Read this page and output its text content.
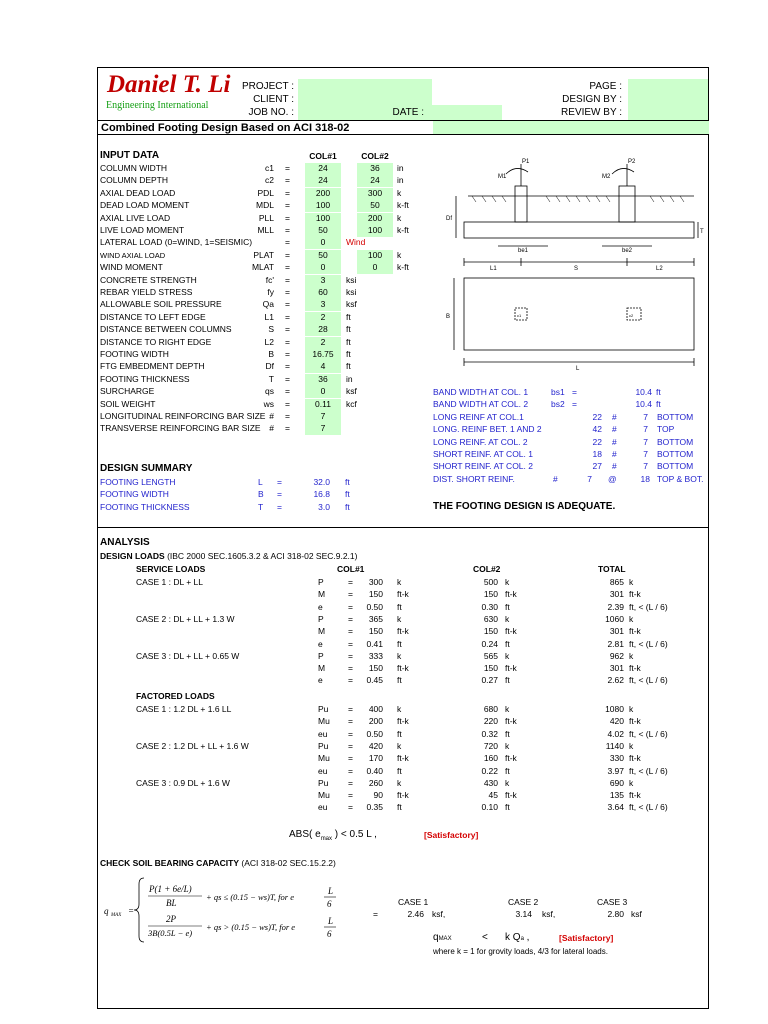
Daniel T. Li
Engineering International
PROJECT :
CLIENT :
JOB NO. :	DATE :
PAGE :
DESIGN BY :
REVIEW BY :
Combined Footing Design Based on ACI 318-02
INPUT DATA	COL#1	COL#2
COLUMN WIDTH	c1 =	24	36	in
COLUMN DEPTH	c2 =	24	24	in
AXIAL DEAD LOAD	PDL =	200	300	k
DEAD LOAD MOMENT	MDL =	100	50	k-ft
AXIAL LIVE LOAD	PLL =	100	200	k
LIVE LOAD MOMENT	MLL =	50	100	k-ft
LATERAL LOAD (0=WIND, 1=SEISMIC)	=	0	Wind
WIND AXIAL LOAD	PLAT =	50	100	k
WIND MOMENT	MLAT =	0	0	k-ft
CONCRETE STRENGTH	fc' =	3	ksi
REBAR YIELD STRESS	fy =	60	ksi
ALLOWABLE SOIL PRESSURE	Qa =	3	ksf
DISTANCE TO LEFT EDGE	L1 =	2	ft
DISTANCE BETWEEN COLUMNS	S =	28	ft
DISTANCE TO RIGHT EDGE	L2 =	2	ft
FOOTING WIDTH	B =	16.75	ft
FTG EMBEDMENT DEPTH	Df =	4	ft
FOOTING THICKNESS	T =	36	in
SURCHARGE	qs =	0	ksf
SOIL WEIGHT	ws =	0.11	kcf
LONGITUDINAL REINFORCING BAR SIZE # =	7
TRANSVERSE REINFORCING BAR SIZE	# =	7
P1	P2
M1	M2
Df
T
be1	be2
L1	S	L2
B
L
c1	c2
BAND WIDTH AT COL. 1	bs1 =	10.4 ft
BAND WIDTH AT COL. 2	bs2 =	10.4 ft
LONG REINF AT COL.1	22 #	7 BOTTOM
LONG. REINF BET. 1 AND 2	42 #	7 TOP
LONG REINF. AT COL. 2	22 #	7 BOTTOM
SHORT REINF. AT COL. 1	18 #	7 BOTTOM
SHORT REINF. AT COL. 2	27 #	7 BOTTOM
DIST. SHORT REINF.	#	7 @	18 TOP & BOT.
DESIGN SUMMARY
FOOTING LENGTH	L =	32.0 ft
FOOTING WIDTH	B =	16.8 ft
FOOTING THICKNESS	T =	3.0 ft	THE FOOTING DESIGN IS ADEQUATE.
ANALYSIS
DESIGN LOADS (IBC 2000 SEC.1605.3.2 & ACI 318-02 SEC.9.2.1)
SERVICE LOADS	COL#1	COL#2	TOTAL
CASE 1 : DL + LL	P	=	300 k	500 k	865 k
M	=	150 ft-k	150 ft-k	301 ft-k
e	=	0.50 ft	0.30 ft	2.39 ft, < (L / 6)
CASE 2 : DL + LL + 1.3 W	P	=	365 k	630 k	1060 k
M	=	150 ft-k	150 ft-k	301 ft-k
e	=	0.41 ft	0.24 ft	2.81 ft, < (L / 6)
CASE 3 : DL + LL + 0.65 W	P	=	333 k	565 k	962 k
M	=	150 ft-k	150 ft-k	301 ft-k
e	=	0.45 ft	0.27 ft	2.62 ft, < (L / 6)
FACTORED LOADS
CASE 1 : 1.2 DL + 1.6 LL	Pu =	400 k	680 k	1080 k
Mu =	200 ft-k	220 ft-k	420 ft-k
eu =	0.50 ft	0.32 ft	4.02 ft, < (L / 6)
CASE 2 : 1.2 DL + LL + 1.6 W	Pu =	420 k	720 k	1140 k
Mu =	170 ft-k	160 ft-k	330 ft-k
eu =	0.40 ft	0.22 ft	3.97 ft, < (L / 6)
CASE 3 : 0.9 DL + 1.6 W	Pu =	260 k	430 k	690 k
Mu =	90 ft-k	45 ft-k	135 ft-k
eu =	0.35 ft	0.10 ft	3.64 ft, < (L / 6)
ABS( $e_{max}$ ) < 0.5 L ,	[Satisfactory]
CHECK SOIL BEARING CAPACITY (ACI 318-02 SEC.15.2.2)
q MAX =
P(1 + 6e/L)
BL
+ qs ≤ (0.15 − ws)T, for e
L
6
2P
3B(0.5L − e)
+ qs > (0.15 − ws)T, for e
L
6
CASE 1	CASE 2	CASE 3
=	2.46 ksf,	3.14 ksf,	2.80 ksf
qMAX	< k Qa ,	[Satisfactory]
where k = 1 for grovity loads, 4/3 for lateral loads.
